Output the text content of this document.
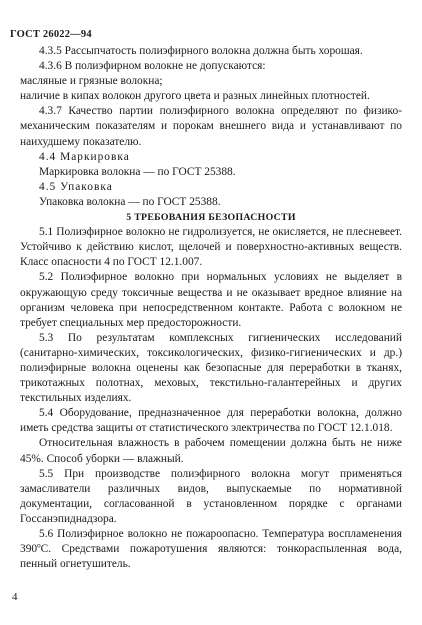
ГОСТ 26022—94

4.3.5 Рассыпчатость полиэфирного волокна должна быть хорошая.

4.3.6 В полиэфирном волокне не допускаются:

масляные и грязные волокна;

наличие в кипах волокон другого цвета и разных линейных плотностей.

4.3.7 Качество партии полиэфирного волокна определяют по физико-механическим показателям и порокам внешнего вида и устанавливают по наихудшему показателю.

4.4 Маркировка

Маркировка волокна — по ГОСТ 25388.

4.5 Упаковка

Упаковка волокна — по ГОСТ 25388.

5 ТРЕБОВАНИЯ БЕЗОПАСНОСТИ

5.1 Полиэфирное волокно не гидролизуется, не окисляется, не плесневеет. Устойчиво к действию кислот, щелочей и поверхностно-активных веществ. Класс опасности 4 по ГОСТ 12.1.007.

5.2 Полиэфирное волокно при нормальных условиях не выделяет в окружающую среду токсичные вещества и не оказывает вредное влияние на организм человека при непосредственном контакте. Работа с волокном не требует специальных мер предосторожности.

5.3 По результатам комплексных гигиенических исследований (санитарно-химических, токсикологических, физико-гигиенических и др.) полиэфирные волокна оценены как безопасные для переработки в тканях, трикотажных полотнах, меховых, текстильно-галантерейных и других текстильных изделиях.

5.4 Оборудование, предназначенное для переработки волокна, должно иметь средства защиты от статистического электричества по ГОСТ 12.1.018.

Относительная влажность в рабочем помещении должна быть не ниже 45%. Способ уборки — влажный.

5.5 При производстве полиэфирного волокна могут применяться замасливатели различных видов, выпускаемые по нормативной документации, согласованной в установленном порядке с органами Госсанэпиднадзора.

5.6 Полиэфирное волокно не пожароопасно. Температура воспламенения 390ºС. Средствами пожаротушения являются: тонкораспыленная вода, пенный огнетушитель.

4
